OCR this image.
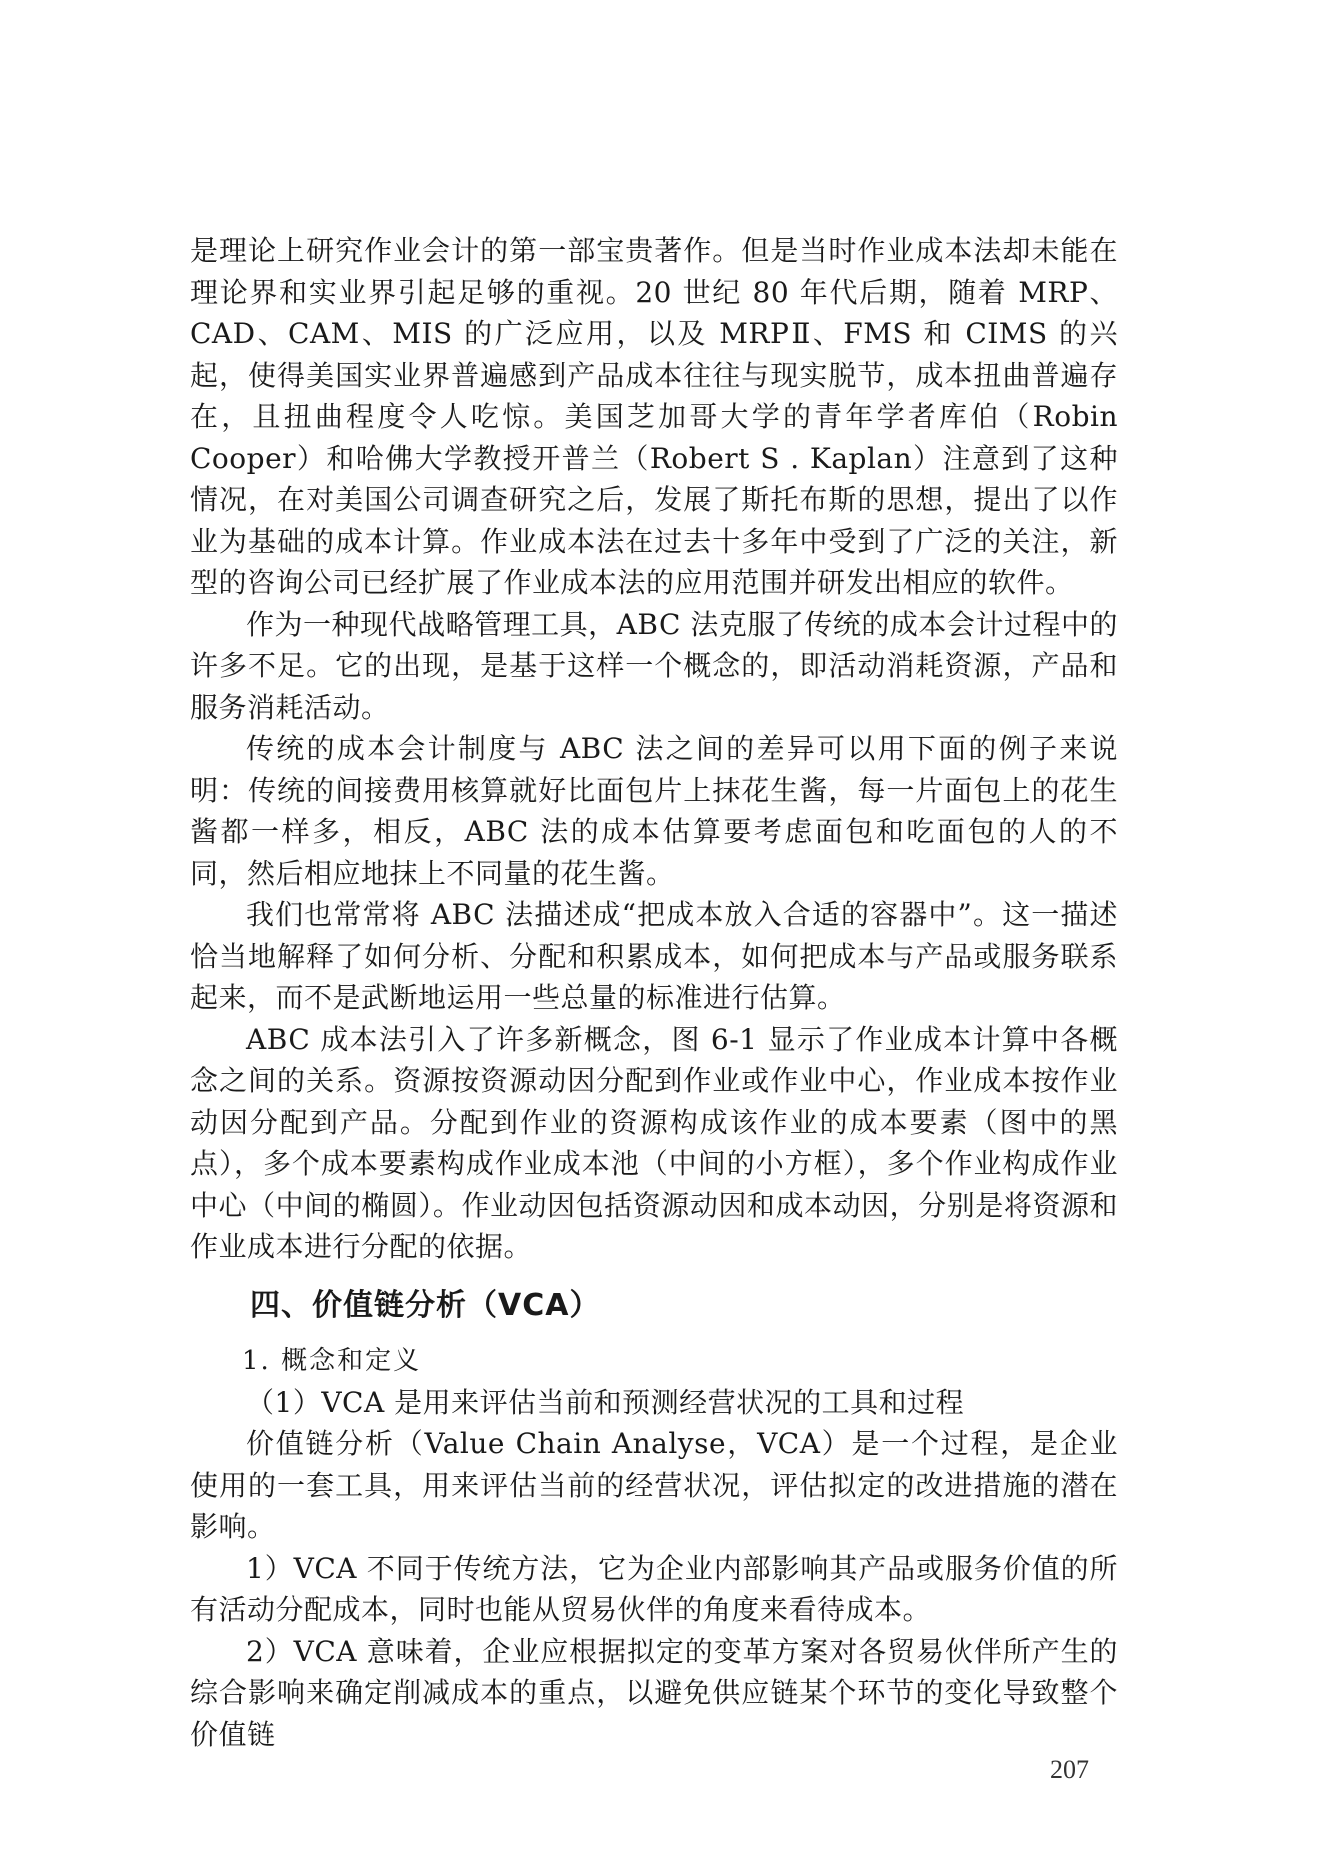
是理论上研究作业会计的第一部宝贵著作。但是当时作业成本法却未能在理论界和实业界引起足够的重视。20 世纪 80 年代后期，随着 MRP、CAD、CAM、MIS 的广泛应用，以及 MRPⅡ、FMS 和 CIMS 的兴起，使得美国实业界普遍感到产品成本往往与现实脱节，成本扭曲普遍存在，且扭曲程度令人吃惊。美国芝加哥大学的青年学者库伯（Robin Cooper）和哈佛大学教授开普兰（Robert S . Kaplan）注意到了这种情况，在对美国公司调查研究之后，发展了斯托布斯的思想，提出了以作业为基础的成本计算。作业成本法在过去十多年中受到了广泛的关注，新型的咨询公司已经扩展了作业成本法的应用范围并研发出相应的软件。

作为一种现代战略管理工具，ABC 法克服了传统的成本会计过程中的许多不足。它的出现，是基于这样一个概念的，即活动消耗资源，产品和服务消耗活动。

传统的成本会计制度与 ABC 法之间的差异可以用下面的例子来说明：传统的间接费用核算就好比面包片上抹花生酱，每一片面包上的花生酱都一样多，相反，ABC 法的成本估算要考虑面包和吃面包的人的不同，然后相应地抹上不同量的花生酱。

我们也常常将 ABC 法描述成“把成本放入合适的容器中”。这一描述恰当地解释了如何分析、分配和积累成本，如何把成本与产品或服务联系起来，而不是武断地运用一些总量的标准进行估算。

ABC 成本法引入了许多新概念，图 6-1 显示了作业成本计算中各概念之间的关系。资源按资源动因分配到作业或作业中心，作业成本按作业动因分配到产品。分配到作业的资源构成该作业的成本要素（图中的黑点），多个成本要素构成作业成本池（中间的小方框），多个作业构成作业中心（中间的椭圆）。作业动因包括资源动因和成本动因，分别是将资源和作业成本进行分配的依据。

四、价值链分析（VCA）

1. 概念和定义

（1）VCA 是用来评估当前和预测经营状况的工具和过程

价值链分析（Value Chain Analyse，VCA）是一个过程，是企业使用的一套工具，用来评估当前的经营状况，评估拟定的改进措施的潜在影响。

1）VCA 不同于传统方法，它为企业内部影响其产品或服务价值的所有活动分配成本，同时也能从贸易伙伴的角度来看待成本。

2）VCA 意味着，企业应根据拟定的变革方案对各贸易伙伴所产生的综合影响来确定削减成本的重点，以避免供应链某个环节的变化导致整个价值链

207
